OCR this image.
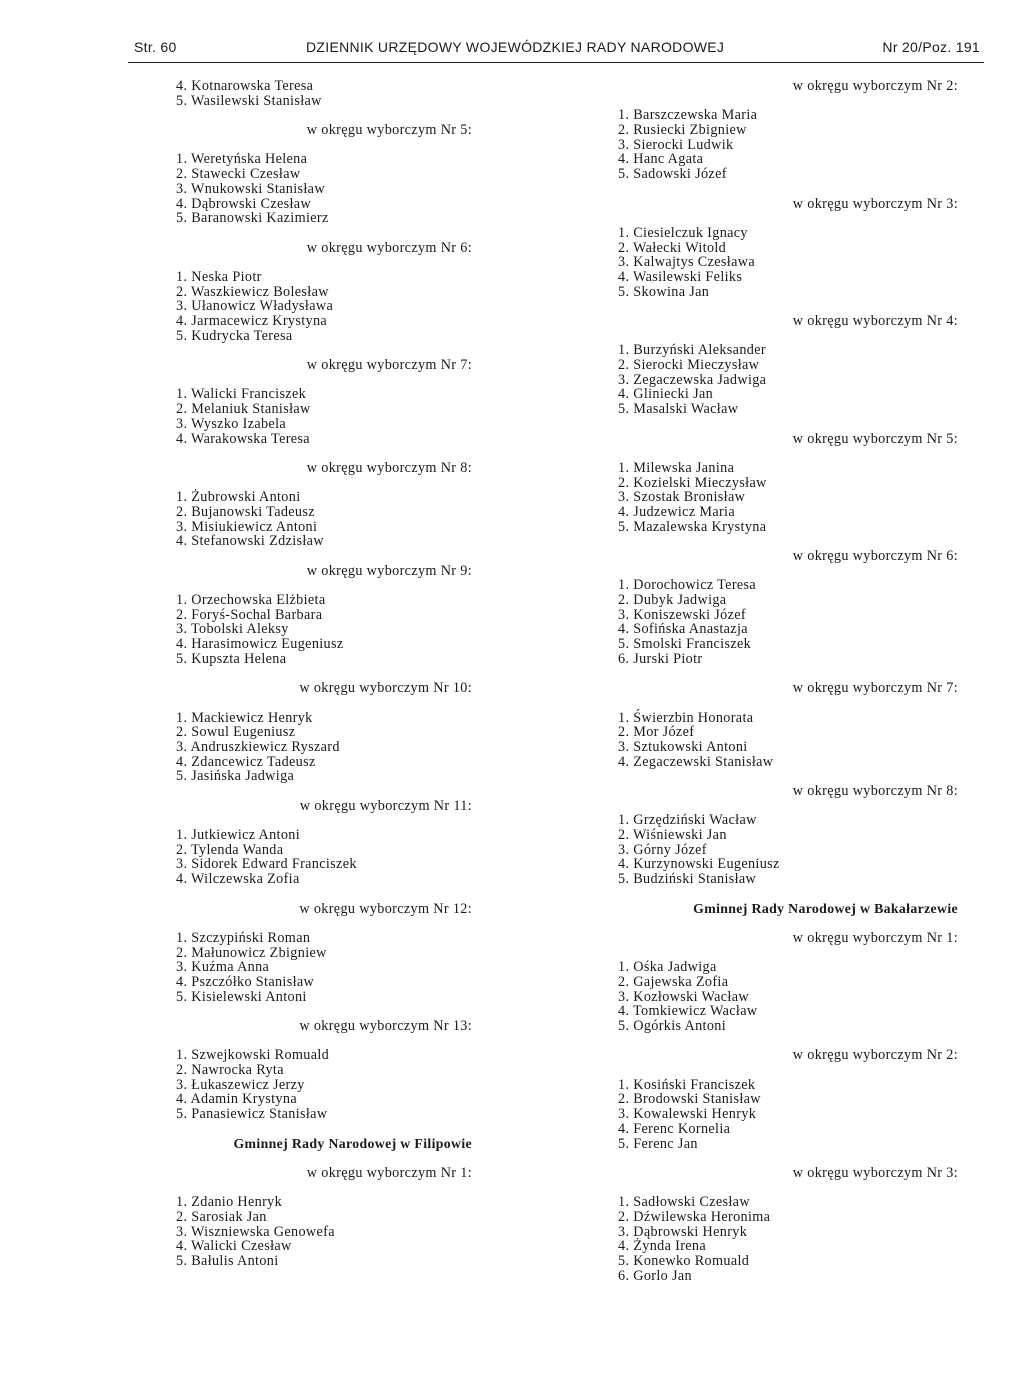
Str. 60	DZIENNIK URZĘDOWY WOJEWÓDZKIEJ RADY NARODOWEJ	Nr 20/Poz. 191
4. Kotnarowska Teresa
5. Wasilewski Stanisław
w okręgu wyborczym Nr 5:
1. Weretyńska Helena
2. Stawecki Czesław
3. Wnukowski Stanisław
4. Dąbrowski Czesław
5. Baranowski Kazimierz
w okręgu wyborczym Nr 6:
1. Neska Piotr
2. Waszkiewicz Bolesław
3. Ułanowicz Władysława
4. Jarmacewicz Krystyna
5. Kudrycka Teresa
w okręgu wyborczym Nr 7:
1. Walicki Franciszek
2. Melaniuk Stanisław
3. Wyszko Izabela
4. Warakowska Teresa
w okręgu wyborczym Nr 8:
1. Żubrowski Antoni
2. Bujanowski Tadeusz
3. Misiukiewicz Antoni
4. Stefanowski Zdzisław
w okręgu wyborczym Nr 9:
1. Orzechowska Elżbieta
2. Foryś-Sochal Barbara
3. Tobolski Aleksy
4. Harasimowicz Eugeniusz
5. Kupszta Helena
w okręgu wyborczym Nr 10:
1. Mackiewicz Henryk
2. Sowul Eugeniusz
3. Andruszkiewicz Ryszard
4. Zdancewicz Tadeusz
5. Jasińska Jadwiga
w okręgu wyborczym Nr 11:
1. Jutkiewicz Antoni
2. Tylenda Wanda
3. Sidorek Edward Franciszek
4. Wilczewska Zofia
w okręgu wyborczym Nr 12:
1. Szczypiński Roman
2. Małunowicz Zbigniew
3. Kuźma Anna
4. Pszczółko Stanisław
5. Kisielewski Antoni
w okręgu wyborczym Nr 13:
1. Szwejkowski Romuald
2. Nawrocka Ryta
3. Łukaszewicz Jerzy
4. Adamin Krystyna
5. Panasiewicz Stanisław
Gminnej Rady Narodowej w Filipowie
w okręgu wyborczym Nr 1:
1. Zdanio Henryk
2. Sarosiak Jan
3. Wiszniewska Genowefa
4. Walicki Czesław
5. Bałulis Antoni
w okręgu wyborczym Nr 2:
1. Barszczewska Maria
2. Rusiecki Zbigniew
3. Sierocki Ludwik
4. Hanc Agata
5. Sadowski Józef
w okręgu wyborczym Nr 3:
1. Ciesielczuk Ignacy
2. Wałecki Witold
3. Kalwajtys Czesława
4. Wasilewski Feliks
5. Skowina Jan
w okręgu wyborczym Nr 4:
1. Burzyński Aleksander
2. Sierocki Mieczysław
3. Zegaczewska Jadwiga
4. Gliniecki Jan
5. Masalski Wacław
w okręgu wyborczym Nr 5:
1. Milewska Janina
2. Kozielski Mieczysław
3. Szostak Bronisław
4. Judzewicz Maria
5. Mazalewska Krystyna
w okręgu wyborczym Nr 6:
1. Dorochowicz Teresa
2. Dubyk Jadwiga
3. Koniszewski Józef
4. Sofińska Anastazja
5. Smolski Franciszek
6. Jurski Piotr
w okręgu wyborczym Nr 7:
1. Świerzbin Honorata
2. Mor Józef
3. Sztukowski Antoni
4. Zegaczewski Stanisław
w okręgu wyborczym Nr 8:
1. Grzędziński Wacław
2. Wiśniewski Jan
3. Górny Józef
4. Kurzynowski Eugeniusz
5. Budziński Stanisław
Gminnej Rady Narodowej w Bakałarzewie
w okręgu wyborczym Nr 1:
1. Ośka Jadwiga
2. Gajewska Zofia
3. Kozłowski Wacław
4. Tomkiewicz Wacław
5. Ogórkis Antoni
w okręgu wyborczym Nr 2:
1. Kosiński Franciszek
2. Brodowski Stanisław
3. Kowalewski Henryk
4. Ferenc Kornelia
5. Ferenc Jan
w okręgu wyborczym Nr 3:
1. Sadłowski Czesław
2. Dźwilewska Heronima
3. Dąbrowski Henryk
4. Żynda Irena
5. Konewko Romuald
6. Gorlo Jan
